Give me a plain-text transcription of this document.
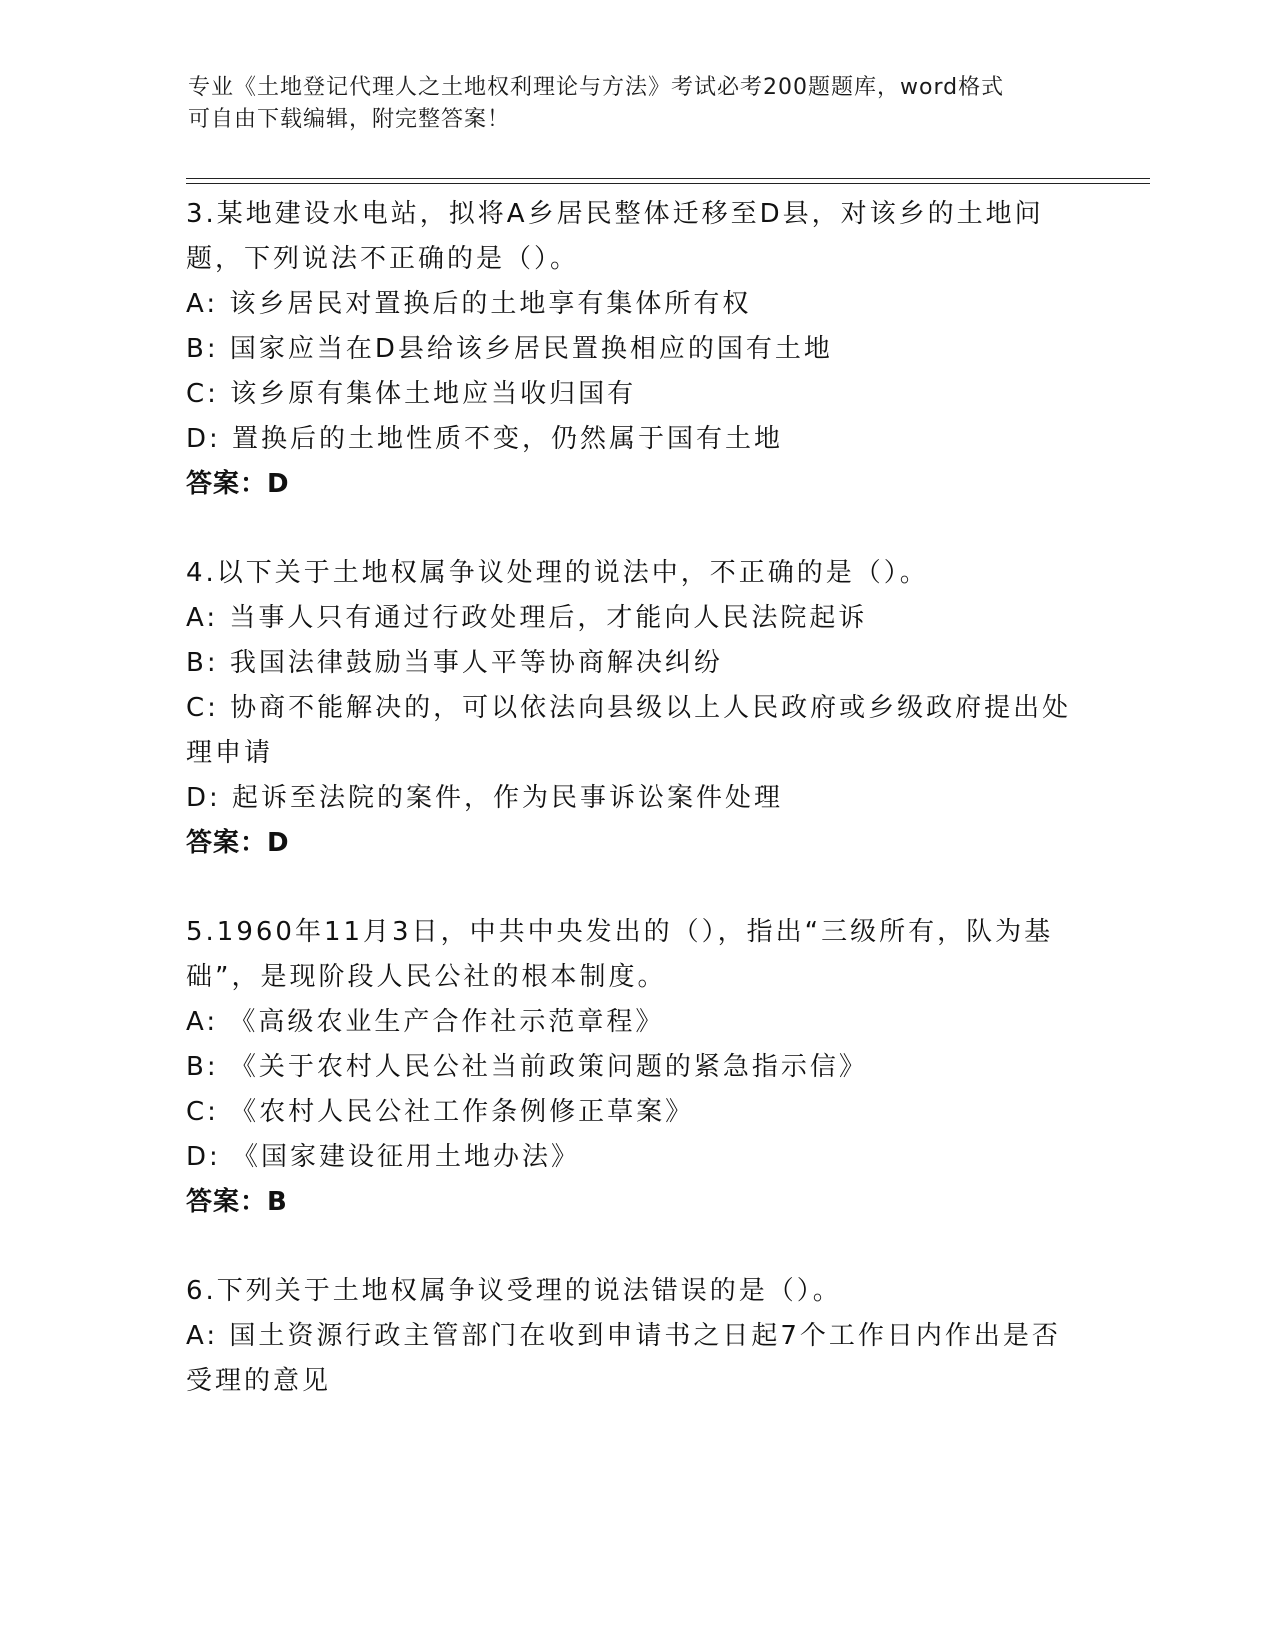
专业《土地登记代理人之土地权利理论与方法》考试必考200题题库，word格式
可自由下载编辑，附完整答案！
3.某地建设水电站，拟将A乡居民整体迁移至D县，对该乡的土地问
题，下列说法不正确的是（）。
A: 该乡居民对置换后的土地享有集体所有权
B: 国家应当在D县给该乡居民置换相应的国有土地
C: 该乡原有集体土地应当收归国有
D: 置换后的土地性质不变，仍然属于国有土地
答案：D
4.以下关于土地权属争议处理的说法中，不正确的是（）。
A: 当事人只有通过行政处理后，才能向人民法院起诉
B: 我国法律鼓励当事人平等协商解决纠纷
C: 协商不能解决的，可以依法向县级以上人民政府或乡级政府提出处
理申请
D: 起诉至法院的案件，作为民事诉讼案件处理
答案：D
5.1960年11月3日，中共中央发出的（），指出“三级所有，队为基
础”，是现阶段人民公社的根本制度。
A: 《高级农业生产合作社示范章程》
B: 《关于农村人民公社当前政策问题的紧急指示信》
C: 《农村人民公社工作条例修正草案》
D: 《国家建设征用土地办法》
答案：B
6.下列关于土地权属争议受理的说法错误的是（）。
A: 国土资源行政主管部门在收到申请书之日起7个工作日内作出是否
受理的意见
